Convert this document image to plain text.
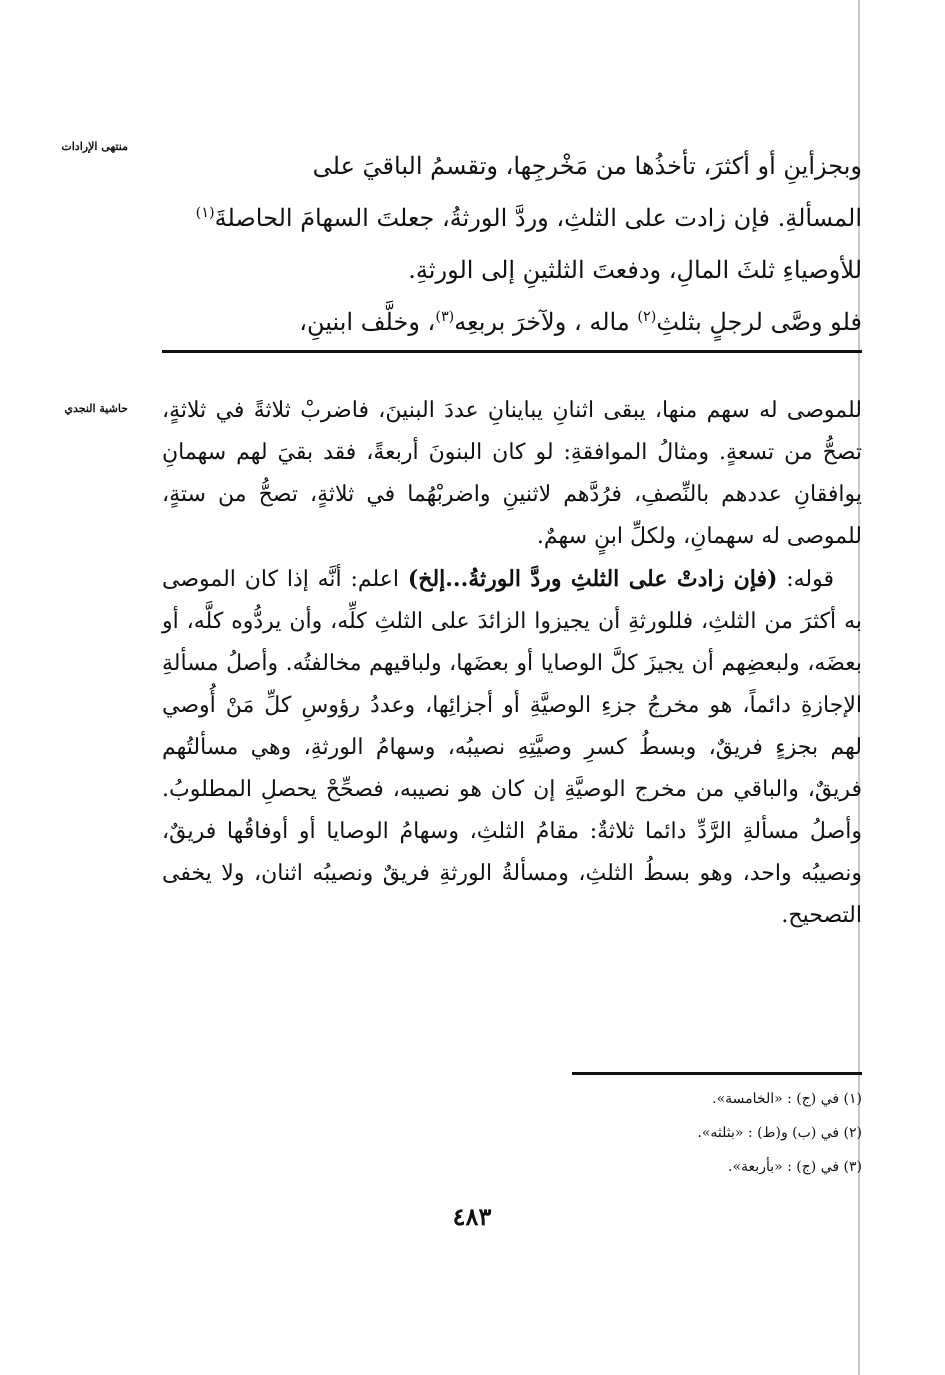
منتهى الإرادات
حاشية النجدي

وبجزأينِ أو أكثرَ، تأخذُها من مَخْرجِها، وتقسمُ الباقيَ على

المسألةِ. فإن زادت على الثلثِ، وردَّ الورثةُ، جعلتَ السهامَ الحاصلةَ$^{(١)}$

للأوصياءِ ثلثَ المالِ، ودفعتَ الثلثينِ إلى الورثةِ.

فلو وصَّى لرجلٍ بثلثِ$^{(٢)}$ ماله ، ولآخرَ بربعِه$^{(٣)}$، وخلَّف ابنينِ،

للموصى له سهم منها، يبقى اثنانِ يباينانِ عددَ البنينَ، فاضربْ ثلاثةً في ثلاثةٍ، تصحُّ من تسعةٍ. ومثالُ الموافقةِ: لو كان البنونَ أربعةً، فقد بقيَ لهم سهمانِ يوافقانِ عددهم بالنِّصفِ، فرُدَّهم لاثنينِ واضربْهُما في ثلاثةٍ، تصحُّ من ستةٍ، للموصى له سهمانِ، ولكلِّ ابنٍ سهمٌ.

قوله: (فإن زادتْ على الثلثِ وردَّ الورثةُ...إلخ) اعلم: أنَّه إذا كان الموصى به أكثرَ من الثلثِ، فللورثةِ أن يجيزوا الزائدَ على الثلثِ كلِّه، وأن يردُّوه كلَّه، أو بعضَه، ولبعضِهم أن يجيزَ كلَّ الوصايا أو بعضَها، ولباقيهم مخالفتُه. وأصلُ مسألةِ الإجازةِ دائماً، هو مخرجُ جزءِ الوصيَّةِ أو أجزائِها، وعددُ رؤوسِ كلِّ مَنْ أُوصي لهم بجزءٍ فريقٌ، وبسطُ كسرِ وصيَّتِهِ نصيبُه، وسهامُ الورثةِ، وهي مسألتُهم فريقٌ، والباقي من مخرج الوصيَّةِ إن كان هو نصيبه، فصحِّحْ يحصلِ المطلوبُ. وأصلُ مسألةِ الرَّدِّ دائما ثلاثةٌ: مقامُ الثلثِ، وسهامُ الوصايا أو أوفاقُها فريقٌ، ونصيبُه واحد، وهو بسطُ الثلثِ، ومسألةُ الورثةِ فريقٌ ونصيبُه اثنان، ولا يخفى التصحيح.

(١) في (ج) : «الخامسة».
(٢) في (ب) و(ط) : «بثلثه».
(٣) في (ج) : «بأربعة».
٤٨٣
